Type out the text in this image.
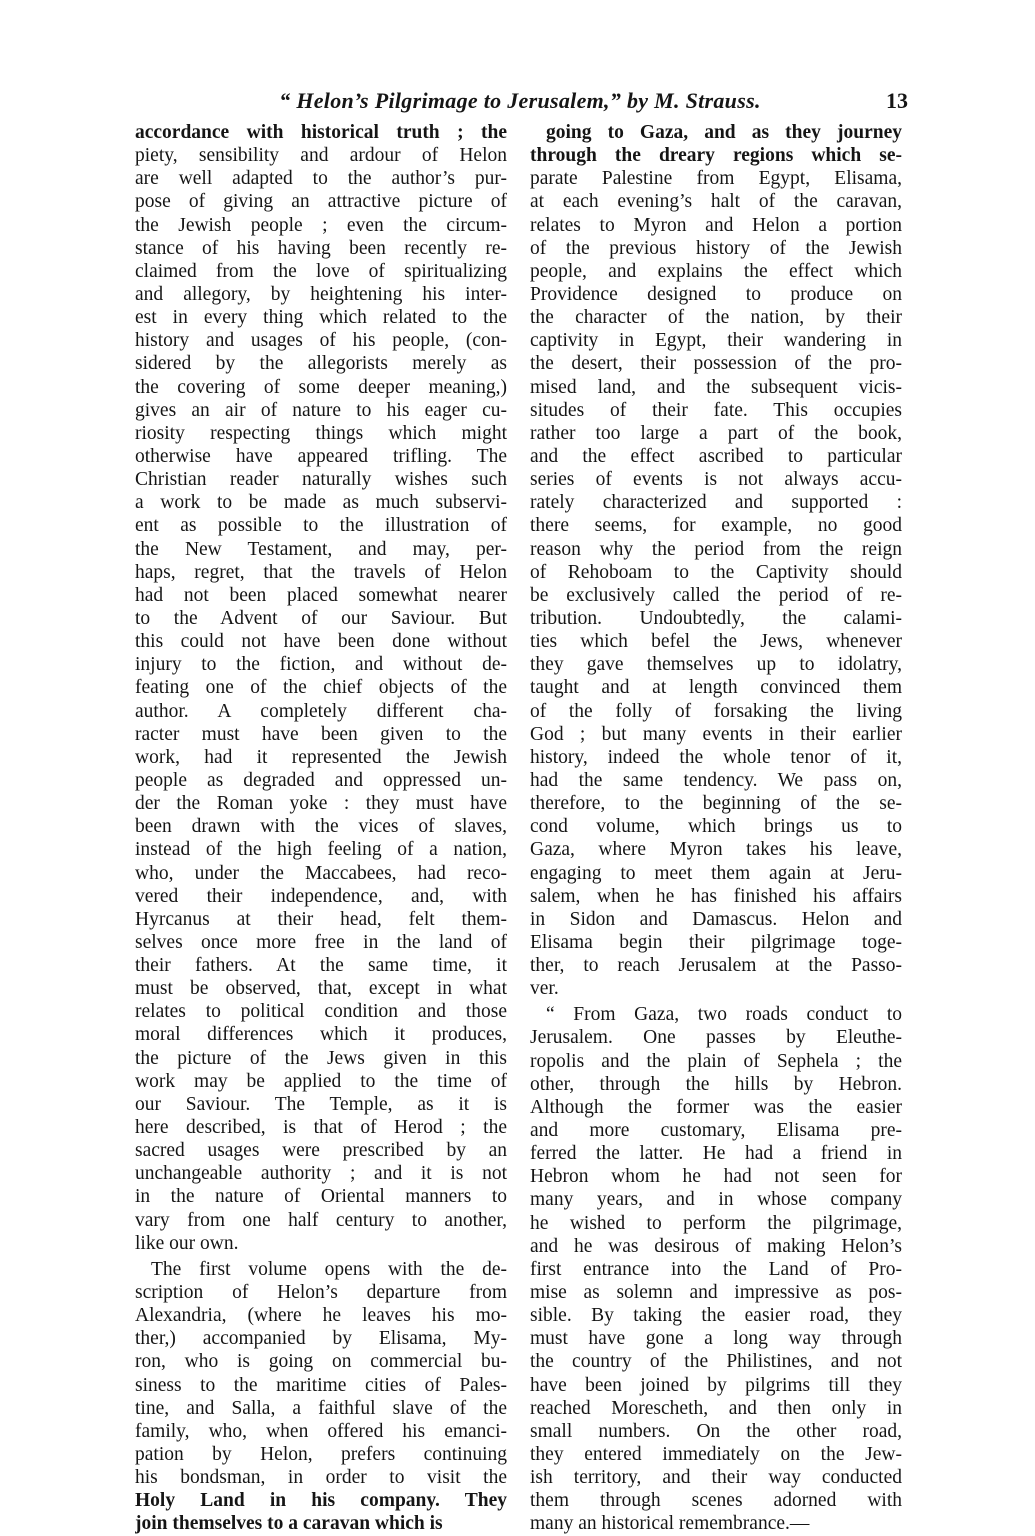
“ Helon’s Pilgrimage to Jerusalem,” by M. Strauss.	13
accordance with historical truth ; the
piety, sensibility and ardour of Helon
are well adapted to the author’s pur-
pose of giving an attractive picture of
the Jewish people ; even the circum-
stance of his having been recently re-
claimed from the love of spiritualizing
and allegory, by heightening his inter-
est in every thing which related to the
history and usages of his people, (con-
sidered by the allegorists merely as
the covering of some deeper meaning,)
gives an air of nature to his eager cu-
riosity respecting things which might
otherwise have appeared trifling. The
Christian reader naturally wishes such
a work to be made as much subservi-
ent as possible to the illustration of
the New Testament, and may, per-
haps, regret, that the travels of Helon
had not been placed somewhat nearer
to the Advent of our Saviour. But
this could not have been done without
injury to the fiction, and without de-
feating one of the chief objects of the
author. A completely different cha-
racter must have been given to the
work, had it represented the Jewish
people as degraded and oppressed un-
der the Roman yoke : they must have
been drawn with the vices of slaves,
instead of the high feeling of a nation,
who, under the Maccabees, had reco-
vered their independence, and, with
Hyrcanus at their head, felt them-
selves once more free in the land of
their fathers. At the same time, it
must be observed, that, except in what
relates to political condition and those
moral differences which it produces,
the picture of the Jews given in this
work may be applied to the time of
our Saviour. The Temple, as it is
here described, is that of Herod ; the
sacred usages were prescribed by an
unchangeable authority ; and it is not
in the nature of Oriental manners to
vary from one half century to another,
like our own.
The first volume opens with the de-
scription of Helon’s departure from
Alexandria, (where he leaves his mo-
ther,) accompanied by Elisama, My-
ron, who is going on commercial bu-
siness to the maritime cities of Pales-
tine, and Salla, a faithful slave of the
family, who, when offered his emanci-
pation by Helon, prefers continuing
his bondsman, in order to visit the
Holy Land in his company. They
join themselves to a caravan which is
going to Gaza, and as they journey
through the dreary regions which se-
parate Palestine from Egypt, Elisama,
at each evening’s halt of the caravan,
relates to Myron and Helon a portion
of the previous history of the Jewish
people, and explains the effect which
Providence designed to produce on
the character of the nation, by their
captivity in Egypt, their wandering in
the desert, their possession of the pro-
mised land, and the subsequent vicis-
situdes of their fate. This occupies
rather too large a part of the book,
and the effect ascribed to particular
series of events is not always accu-
rately characterized and supported :
there seems, for example, no good
reason why the period from the reign
of Rehoboam to the Captivity should
be exclusively called the period of re-
tribution. Undoubtedly, the calami-
ties which befel the Jews, whenever
they gave themselves up to idolatry,
taught and at length convinced them
of the folly of forsaking the living
God ; but many events in their earlier
history, indeed the whole tenor of it,
had the same tendency. We pass on,
therefore, to the beginning of the se-
cond volume, which brings us to
Gaza, where Myron takes his leave,
engaging to meet them again at Jeru-
salem, when he has finished his affairs
in Sidon and Damascus. Helon and
Elisama begin their pilgrimage toge-
ther, to reach Jerusalem at the Passo-
ver.
“ From Gaza, two roads conduct to
Jerusalem. One passes by Eleuthe-
ropolis and the plain of Sephela ; the
other, through the hills by Hebron.
Although the former was the easier
and more customary, Elisama pre-
ferred the latter. He had a friend in
Hebron whom he had not seen for
many years, and in whose company
he wished to perform the pilgrimage,
and he was desirous of making Helon’s
first entrance into the Land of Pro-
mise as solemn and impressive as pos-
sible. By taking the easier road, they
must have gone a long way through
the country of the Philistines, and not
have been joined by pilgrims till they
reached Morescheth, and then only in
small numbers. On the other road,
they entered immediately on the Jew-
ish territory, and their way conducted
them through scenes adorned with
many an historical remembrance.—
